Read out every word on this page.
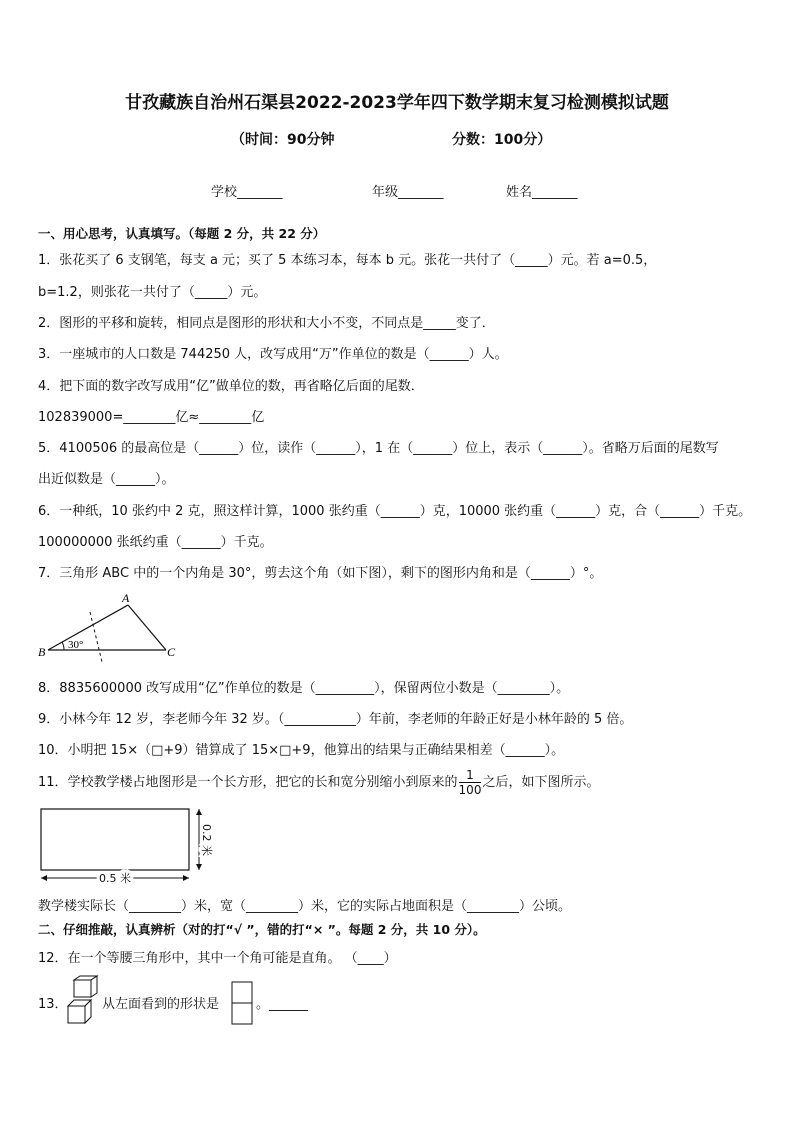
甘孜藏族自治州石渠县2022-2023学年四下数学期末复习检测模拟试题
（时间：90分钟	分数：100分）
学校_______	年级_______	姓名_______
一、用心思考，认真填写。（每题 2 分，共 22 分）
1．张花买了 6 支钢笔，每支 a 元；买了 5 本练习本，每本 b 元。张花一共付了（_____）元。若 a=0.5，
b=1.2，则张花一共付了（_____）元。
2．图形的平移和旋转，相同点是图形的形状和大小不变，不同点是_____变了．
3．一座城市的人口数是 744250 人，改写成用“万”作单位的数是（______）人。
4．把下面的数字改写成用“亿”做单位的数，再省略亿后面的尾数．
102839000=________亿≈________亿
5．4100506 的最高位是（______）位，读作（______），1 在（______）位上，表示（______）。省略万后面的尾数写
出近似数是（______）。
6．一种纸，10 张约中 2 克，照这样计算，1000 张约重（______）克，10000 张约重（______）克，合（______）千克。
100000000 张纸约重（______）千克。
7．三角形 ABC 中的一个内角是 30°，剪去这个角（如下图），剩下的图形内角和是（______）°。
A
B	C
30°
8．8835600000 改写成用“亿”作单位的数是（_________），保留两位小数是（________）。
9．小林今年 12 岁，李老师今年 32 岁。（___________）年前，李老师的年龄正好是小林年龄的 5 倍。
10．小明把 15×（□+9）错算成了 15×□+9，他算出的结果与正确结果相差（______）。
11．学校教学楼占地图形是一个长方形，把它的长和宽分别缩小到原来的 $\frac{1}{100}$ 之后，如下图所示。
0.5 米
0.2 米
教学楼实际长（________）米，宽（________）米，它的实际占地面积是（________）公顷。
二、仔细推敲，认真辨析（对的打“√ ”，错的打“× ”。每题 2 分，共 10 分）。
12．在一个等腰三角形中，其中一个角可能是直角。 （____）
13．	从左面看到的形状是	。______
